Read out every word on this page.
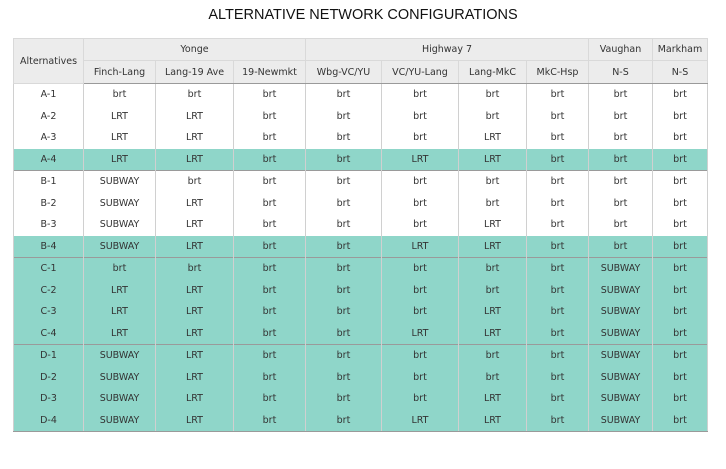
ALTERNATIVE NETWORK CONFIGURATIONS
Alternatives	Yonge			Highway 7				Vaughan	Markham
	Finch-Lang	Lang-19 Ave	19-Newmkt	Wbg-VC/YU	VC/YU-Lang	Lang-MkC	MkC-Hsp	N-S	N-S
A-1	brt	brt	brt	brt	brt	brt	brt	brt	brt
A-2	LRT	LRT	brt	brt	brt	brt	brt	brt	brt
A-3	LRT	LRT	brt	brt	brt	LRT	brt	brt	brt
A-4	LRT	LRT	brt	brt	LRT	LRT	brt	brt	brt
B-1	SUBWAY	brt	brt	brt	brt	brt	brt	brt	brt
B-2	SUBWAY	LRT	brt	brt	brt	brt	brt	brt	brt
B-3	SUBWAY	LRT	brt	brt	brt	LRT	brt	brt	brt
B-4	SUBWAY	LRT	brt	brt	LRT	LRT	brt	brt	brt
C-1	brt	brt	brt	brt	brt	brt	brt	SUBWAY	brt
C-2	LRT	LRT	brt	brt	brt	brt	brt	SUBWAY	brt
C-3	LRT	LRT	brt	brt	brt	LRT	brt	SUBWAY	brt
C-4	LRT	LRT	brt	brt	LRT	LRT	brt	SUBWAY	brt
D-1	SUBWAY	LRT	brt	brt	brt	brt	brt	SUBWAY	brt
D-2	SUBWAY	LRT	brt	brt	brt	brt	brt	SUBWAY	brt
D-3	SUBWAY	LRT	brt	brt	brt	LRT	brt	SUBWAY	brt
D-4	SUBWAY	LRT	brt	brt	LRT	LRT	brt	SUBWAY	brt
